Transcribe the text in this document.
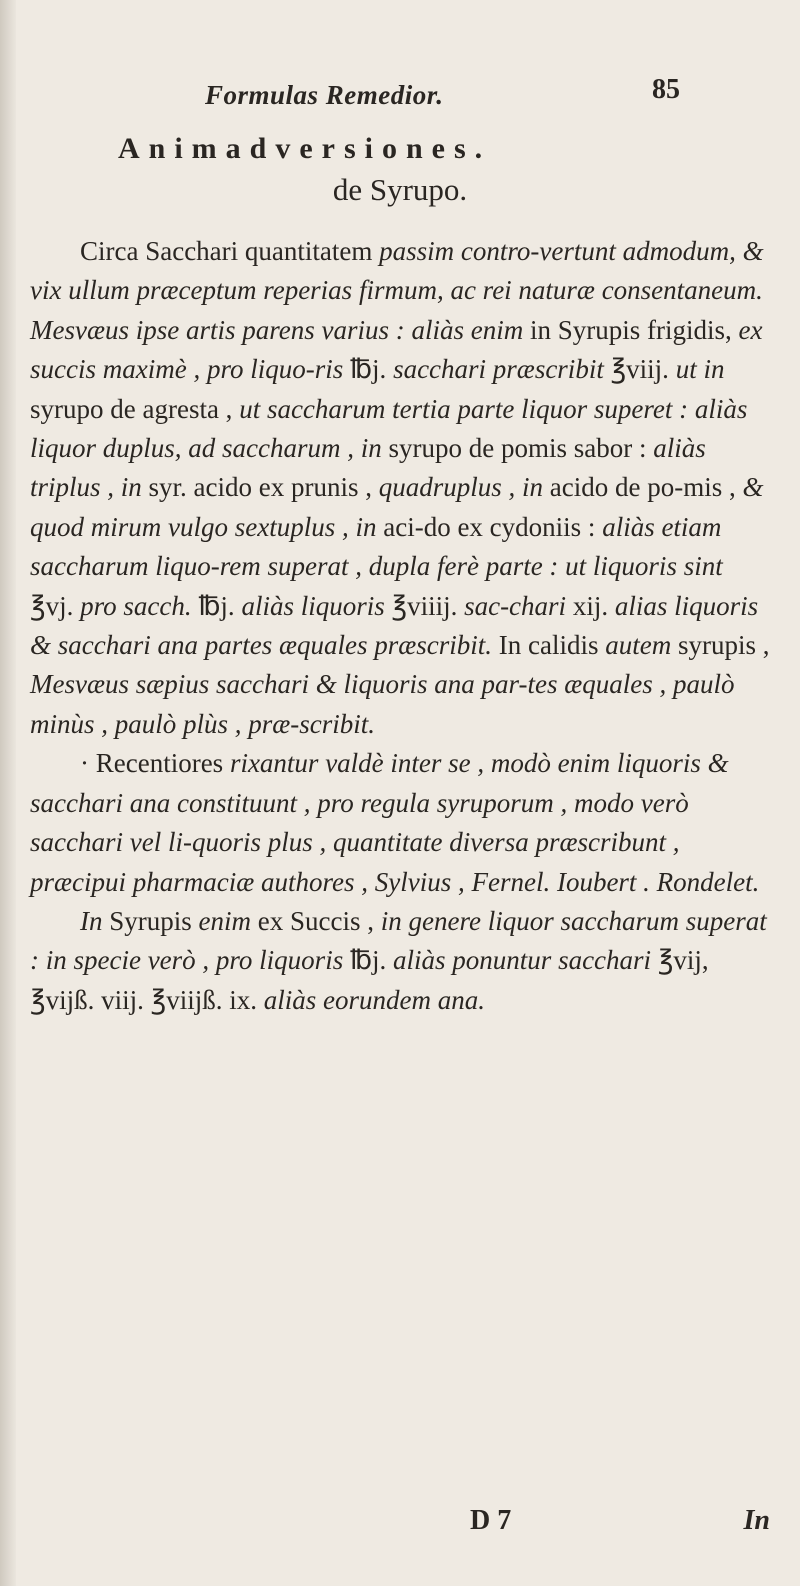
Formulas Remedior.	85
Animadversiones.
de Syrupo.

Circa Sacchari quantitatem passim contro-vertunt admodum, & vix ullum præceptum reperias firmum, ac rei naturæ consentaneum. Mesvæus ipse artis parens varius : aliàs enim in Syrupis frigidis, ex succis maximè , pro liquo-ris ℔j. sacchari præscribit ℥viij. ut in syrupo de agresta , ut saccharum tertia parte liquor superet : aliàs liquor duplus, ad saccharum , in syrupo de pomis sabor : aliàs triplus , in syr. acido ex prunis , quadruplus , in acido de po-mis , & quod mirum vulgo sextuplus , in aci-do ex cydoniis : aliàs etiam saccharum liquo-rem superat , dupla ferè parte : ut liquoris sint ℥vj. pro sacch. ℔j. aliàs liquoris ℥viiij. sac-chari xij. alias liquoris & sacchari ana partes æquales præscribit. In calidis autem syrupis , Mesvæus sæpius sacchari & liquoris ana par-tes æquales , paulò minùs , paulò plùs , præ-scribit.

· Recentiores rixantur valdè inter se , modò enim liquoris & sacchari ana constituunt , pro regula syruporum , modo verò sacchari vel li-quoris plus , quantitate diversa præscribunt , præcipui pharmaciæ authores , Sylvius , Fernel. Ioubert . Rondelet.

In Syrupis enim ex Succis , in genere liquor saccharum superat : in specie verò , pro liquoris ℔j. aliàs ponuntur sacchari ℥vij, ℥vijß. viij. ℥viijß. ix. aliàs eorundem ana.

D 7	In
